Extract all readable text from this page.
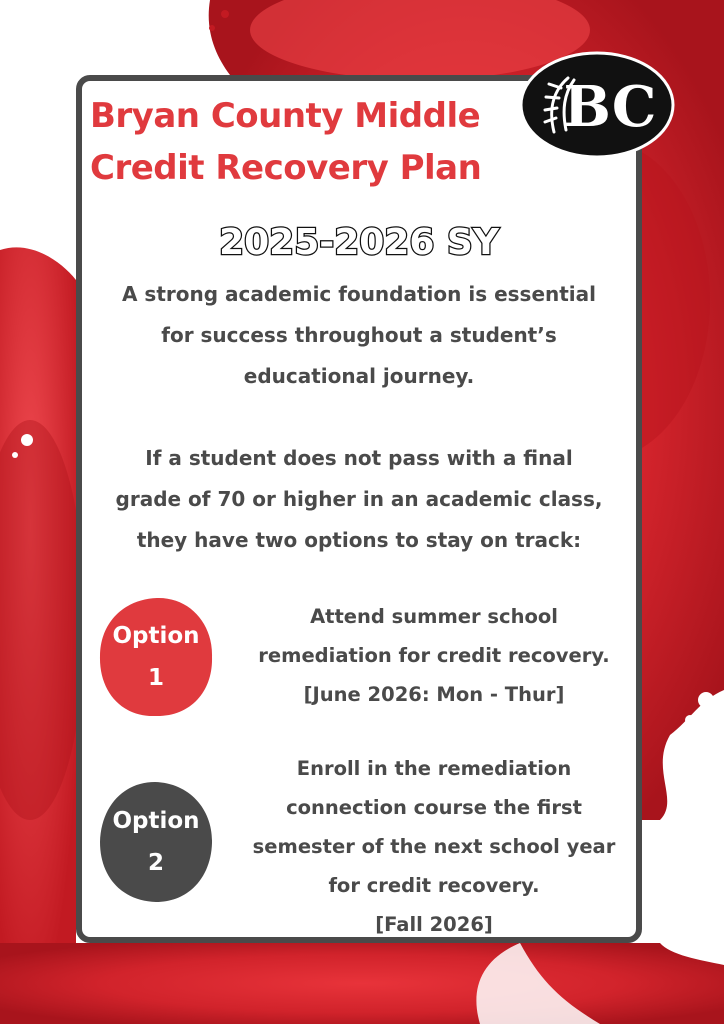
Bryan County Middle
Credit Recovery Plan
BC
2025-2026 SY

A strong academic foundation is essential
for success throughout a student’s
educational journey.

If a student does not pass with a final
grade of 70 or higher in an academic class,
they have two options to stay on track:

Option
1

Attend summer school
remediation for credit recovery.
[June 2026: Mon - Thur]

Option
2

Enroll in the remediation
connection course the first
semester of the next school year
for credit recovery.
[Fall 2026]
